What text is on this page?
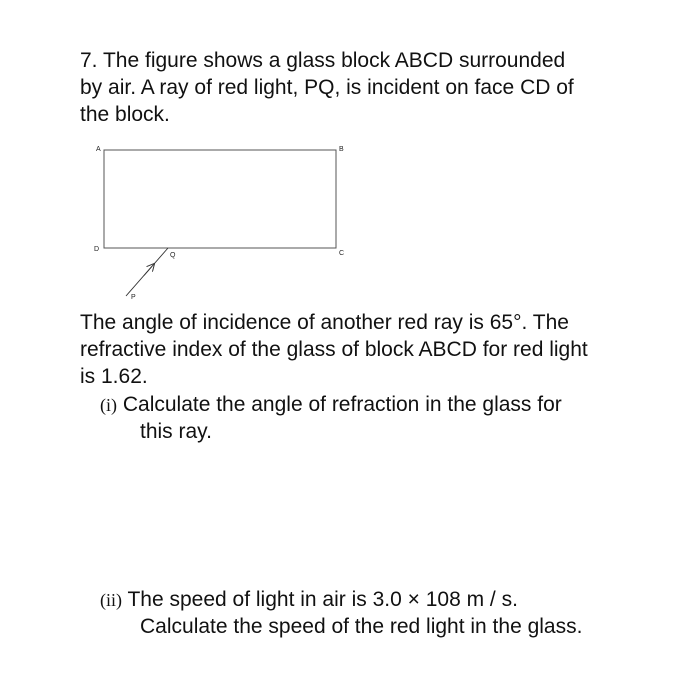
7. The figure shows a glass block ABCD surrounded
by air. A ray of red light, PQ, is incident on face CD of
the block.
A	B
C
D
Q
P
The angle of incidence of another red ray is 65°. The
refractive index of the glass of block ABCD for red light
is 1.62.
(i) Calculate the angle of refraction in the glass for
this ray.
(ii) The speed of light in air is 3.0 × 108 m / s.
Calculate the speed of the red light in the glass.
